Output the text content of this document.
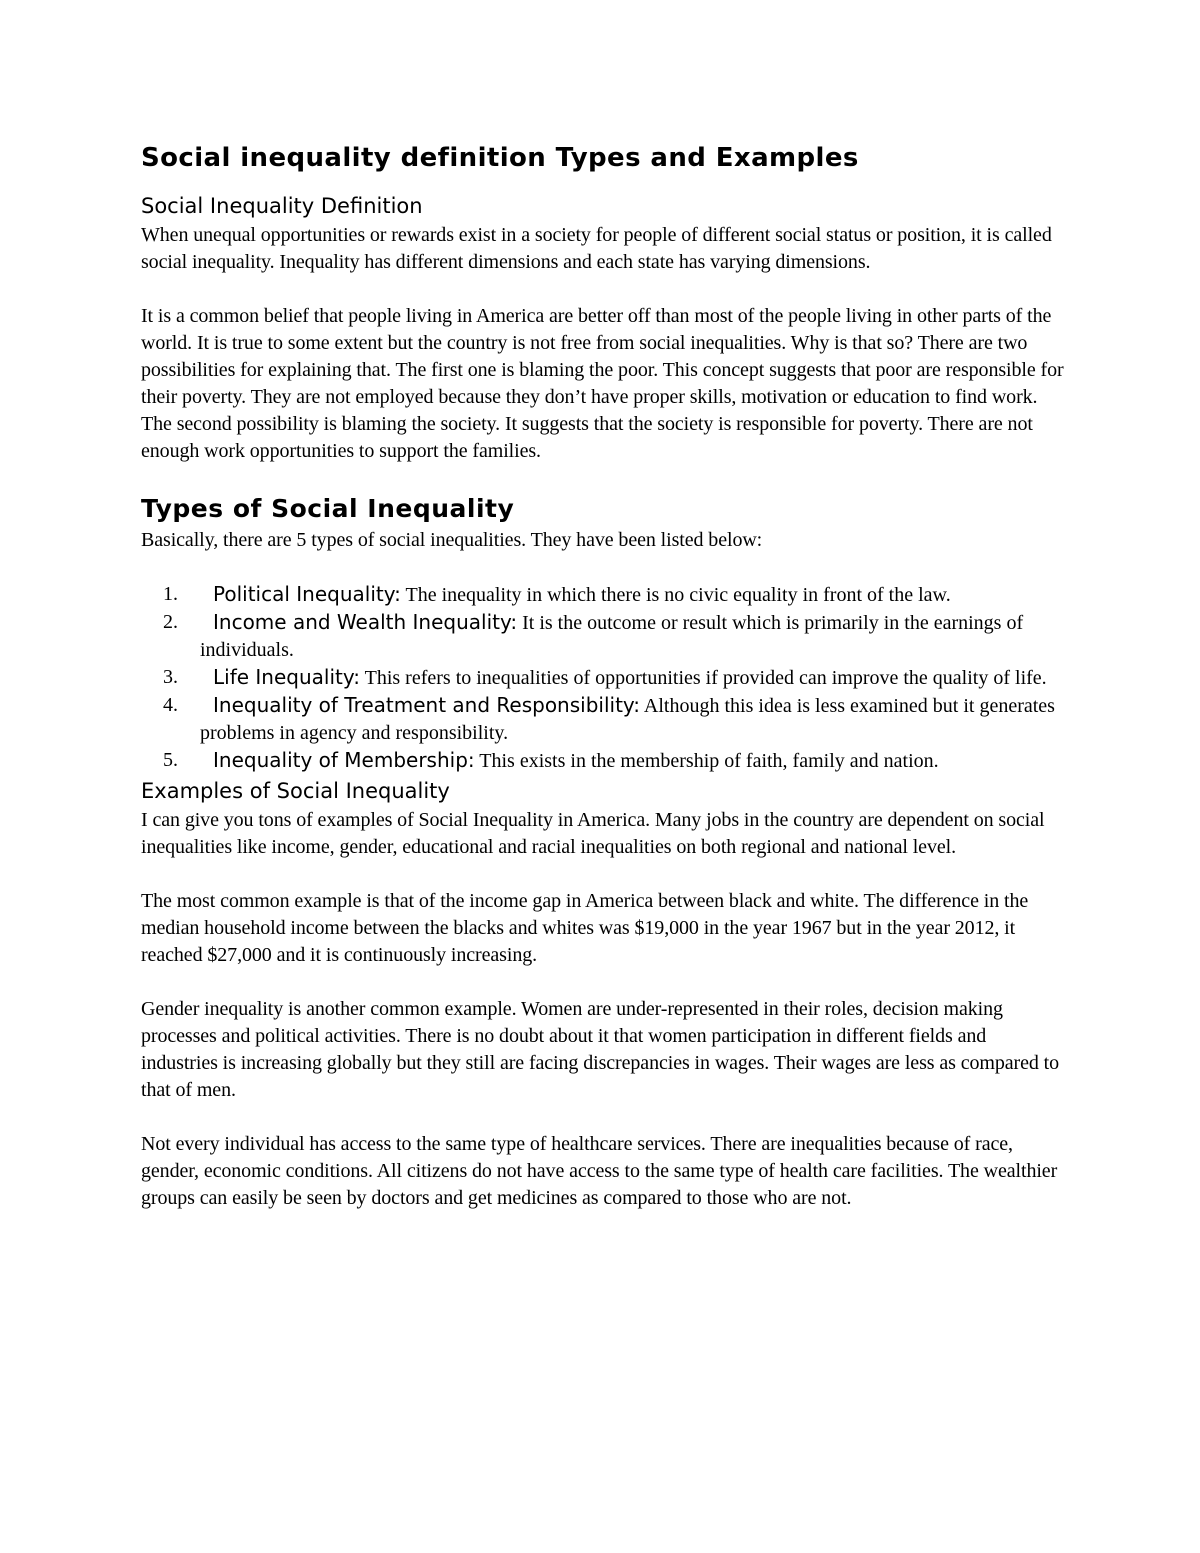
Social inequality definition Types and Examples
Social Inequality Definition

When unequal opportunities or rewards exist in a society for people of different social status or position, it is called social inequality. Inequality has different dimensions and each state has varying dimensions.

It is a common belief that people living in America are better off than most of the people living in other parts of the world. It is true to some extent but the country is not free from social inequalities. Why is that so? There are two possibilities for explaining that. The first one is blaming the poor. This concept suggests that poor are responsible for their poverty. They are not employed because they don’t have proper skills, motivation or education to find work. The second possibility is blaming the society. It suggests that the society is responsible for poverty. There are not enough work opportunities to support the families.

Types of Social Inequality

Basically, there are 5 types of social inequalities. They have been listed below:

1. Political Inequality: The inequality in which there is no civic equality in front of the law.
2. Income and Wealth Inequality: It is the outcome or result which is primarily in the earnings of individuals.
3. Life Inequality: This refers to inequalities of opportunities if provided can improve the quality of life.
4. Inequality of Treatment and Responsibility: Although this idea is less examined but it generates problems in agency and responsibility.
5. Inequality of Membership: This exists in the membership of faith, family and nation.
Examples of Social Inequality

I can give you tons of examples of Social Inequality in America. Many jobs in the country are dependent on social inequalities like income, gender, educational and racial inequalities on both regional and national level.

The most common example is that of the income gap in America between black and white. The difference in the median household income between the blacks and whites was $19,000 in the year 1967 but in the year 2012, it reached $27,000 and it is continuously increasing.

Gender inequality is another common example. Women are under-represented in their roles, decision making processes and political activities. There is no doubt about it that women participation in different fields and industries is increasing globally but they still are facing discrepancies in wages. Their wages are less as compared to that of men.

Not every individual has access to the same type of healthcare services. There are inequalities because of race, gender, economic conditions. All citizens do not have access to the same type of health care facilities. The wealthier groups can easily be seen by doctors and get medicines as compared to those who are not.
